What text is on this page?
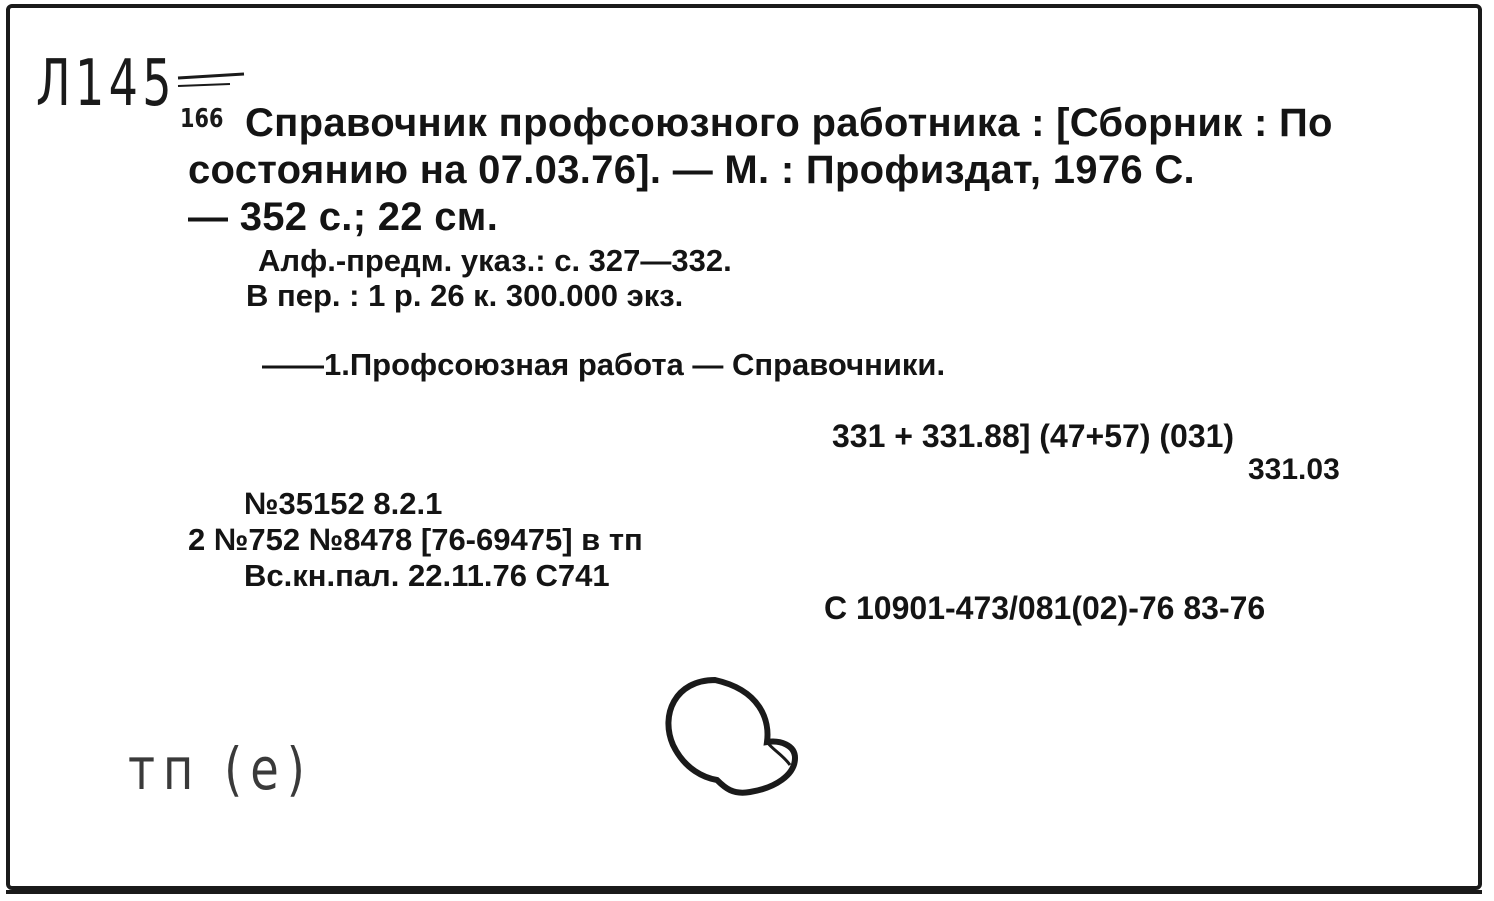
Л145 166 Справочник профсоюзного работника : [Сборник : По
состоянию на 07.03.76]. — М. : Профиздат, 1976 С.
— 352 с.; 22 см.
Алф.-предм. указ.: с. 327—332.
В пер. : 1 р. 26 к. 300.000 экз.
——1.Профсоюзная работа — Справочники.
331 + 331.88] (47+57) (031)
331.03
№35152 8.2.1
2 №752 №8478 [76-69475] в тп
Вс.кн.пал. 22.11.76 С741
С 10901-473/081(02)-76 83-76
тп (е)
